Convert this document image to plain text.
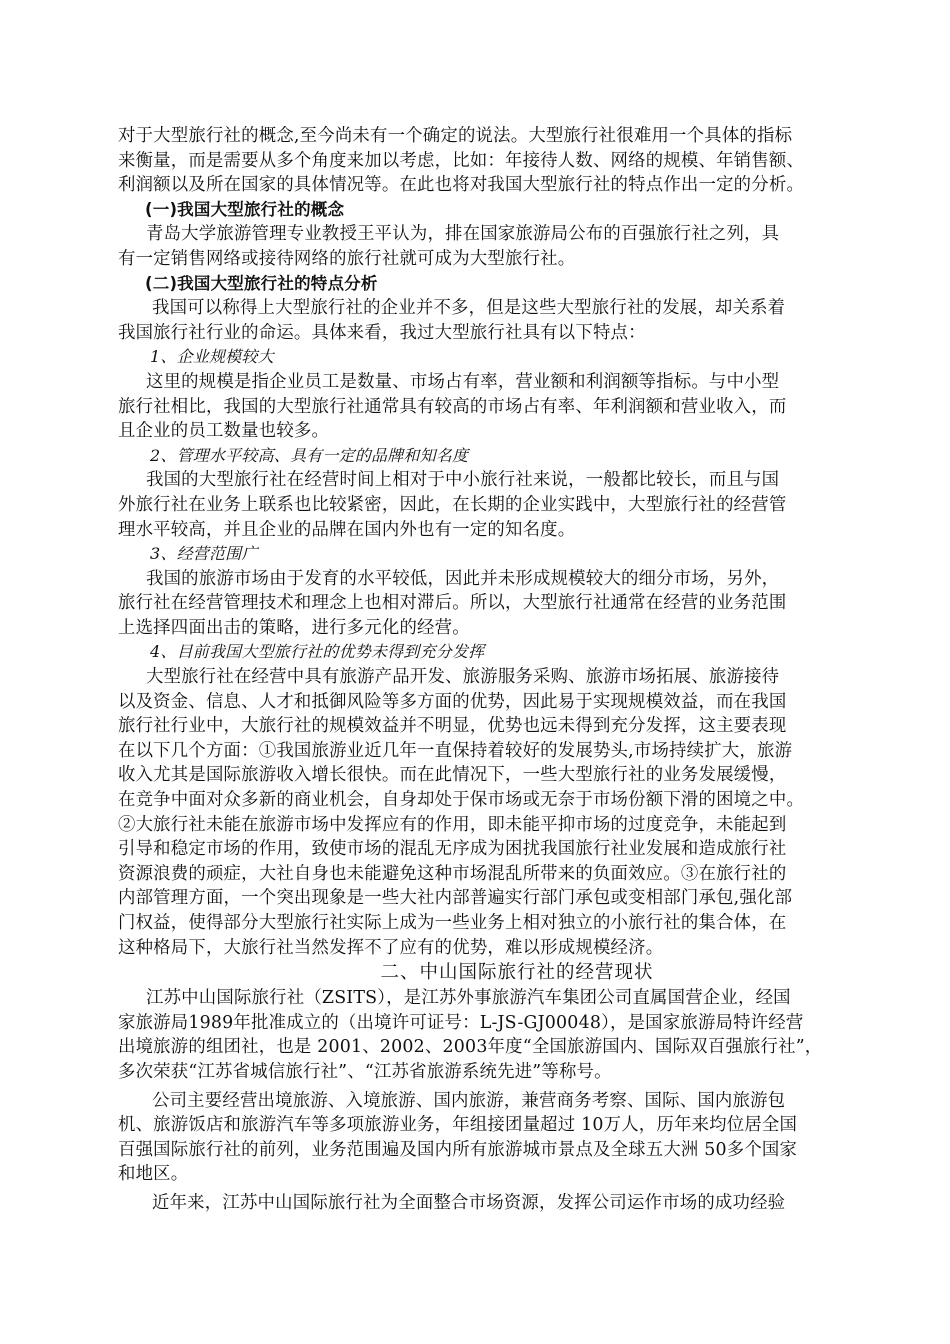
对于大型旅行社的概念,至今尚未有一个确定的说法。大型旅行社很难用一个具体的指标
来衡量，而是需要从多个角度来加以考虑，比如：年接待人数、网络的规模、年销售额、
利润额以及所在国家的具体情况等。在此也将对我国大型旅行社的特点作出一定的分析。
(一)我国大型旅行社的概念
青岛大学旅游管理专业教授王平认为，排在国家旅游局公布的百强旅行社之列，具
有一定销售网络或接待网络的旅行社就可成为大型旅行社。
(二)我国大型旅行社的特点分析
我国可以称得上大型旅行社的企业并不多，但是这些大型旅行社的发展，却关系着
我国旅行社行业的命运。具体来看，我过大型旅行社具有以下特点：
1、企业规模较大
这里的规模是指企业员工是数量、市场占有率，营业额和利润额等指标。与中小型
旅行社相比，我国的大型旅行社通常具有较高的市场占有率、年利润额和营业收入，而
且企业的员工数量也较多。
2、管理水平较高、具有一定的品牌和知名度
我国的大型旅行社在经营时间上相对于中小旅行社来说，一般都比较长，而且与国
外旅行社在业务上联系也比较紧密，因此，在长期的企业实践中，大型旅行社的经营管
理水平较高，并且企业的品牌在国内外也有一定的知名度。
3、经营范围广
我国的旅游市场由于发育的水平较低，因此并未形成规模较大的细分市场，另外，
旅行社在经营管理技术和理念上也相对滞后。所以，大型旅行社通常在经营的业务范围
上选择四面出击的策略，进行多元化的经营。
4、目前我国大型旅行社的优势未得到充分发挥
大型旅行社在经营中具有旅游产品开发、旅游服务采购、旅游市场拓展、旅游接待
以及资金、信息、人才和抵御风险等多方面的优势，因此易于实现规模效益，而在我国
旅行社行业中，大旅行社的规模效益并不明显，优势也远未得到充分发挥，这主要表现
在以下几个方面：①我国旅游业近几年一直保持着较好的发展势头,市场持续扩大，旅游
收入尤其是国际旅游收入增长很快。而在此情况下，一些大型旅行社的业务发展缓慢，
在竞争中面对众多新的商业机会，自身却处于保市场或无奈于市场份额下滑的困境之中。
②大旅行社未能在旅游市场中发挥应有的作用，即未能平抑市场的过度竞争，未能起到
引导和稳定市场的作用，致使市场的混乱无序成为困扰我国旅行社业发展和造成旅行社
资源浪费的顽症，大社自身也未能避免这种市场混乱所带来的负面效应。③在旅行社的
内部管理方面，一个突出现象是一些大社内部普遍实行部门承包或变相部门承包,强化部
门权益，使得部分大型旅行社实际上成为一些业务上相对独立的小旅行社的集合体，在
这种格局下，大旅行社当然发挥不了应有的优势，难以形成规模经济。
二、中山国际旅行社的经营现状
江苏中山国际旅行社（ZSITS），是江苏外事旅游汽车集团公司直属国营企业，经国
家旅游局1989年批准成立的（出境许可证号：L-JS-GJ00048），是国家旅游局特许经营
出境旅游的组团社，也是 2001、2002、2003年度“全国旅游国内、国际双百强旅行社”，
多次荣获“江苏省城信旅行社”、“江苏省旅游系统先进”等称号。
公司主要经营出境旅游、入境旅游、国内旅游，兼营商务考察、国际、国内旅游包
机、旅游饭店和旅游汽车等多项旅游业务，年组接团量超过 10万人，历年来均位居全国
百强国际旅行社的前列，业务范围遍及国内所有旅游城市景点及全球五大洲 50多个国家
和地区。
近年来，江苏中山国际旅行社为全面整合市场资源，发挥公司运作市场的成功经验
